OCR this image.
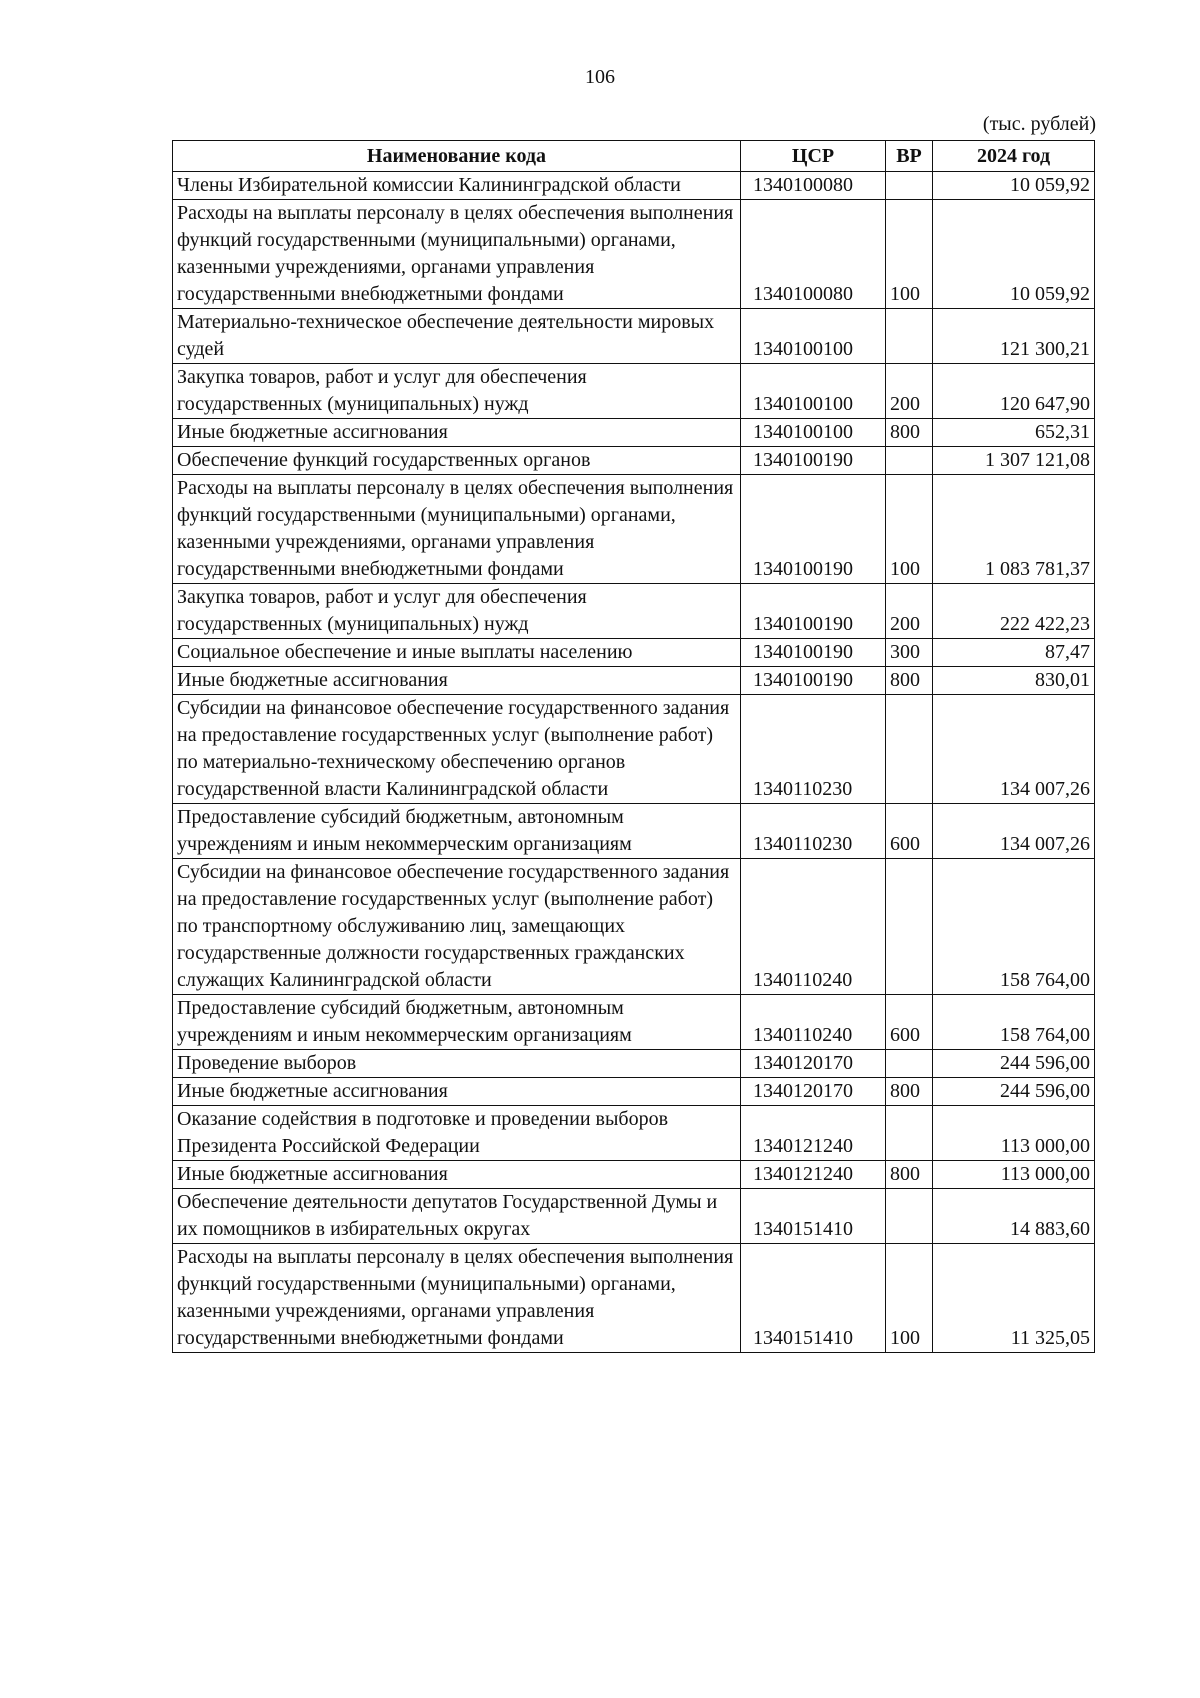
106
(тыс. рублей)
Наименование кода	ЦСР	ВР	2024 год
Члены Избирательной комиссии Калининградской области	1340100080		10 059,92
Расходы на выплаты персоналу в целях обеспечения выполнения функций государственными (муниципальными) органами, казенными учреждениями, органами управления государственными внебюджетными фондами	1340100080	100	10 059,92
Материально-техническое обеспечение деятельности мировых судей	1340100100		121 300,21
Закупка товаров, работ и услуг для обеспечения государственных (муниципальных) нужд	1340100100	200	120 647,90
Иные бюджетные ассигнования	1340100100	800	652,31
Обеспечение функций государственных органов	1340100190		1 307 121,08
Расходы на выплаты персоналу в целях обеспечения выполнения функций государственными (муниципальными) органами, казенными учреждениями, органами управления государственными внебюджетными фондами	1340100190	100	1 083 781,37
Закупка товаров, работ и услуг для обеспечения государственных (муниципальных) нужд	1340100190	200	222 422,23
Социальное обеспечение и иные выплаты населению	1340100190	300	87,47
Иные бюджетные ассигнования	1340100190	800	830,01
Субсидии на финансовое обеспечение государственного задания на предоставление государственных услуг (выполнение работ) по материально-техническому обеспечению органов государственной власти Калининградской области	1340110230		134 007,26
Предоставление субсидий бюджетным, автономным учреждениям и иным некоммерческим организациям	1340110230	600	134 007,26
Субсидии на финансовое обеспечение государственного задания на предоставление государственных услуг (выполнение работ) по транспортному обслуживанию лиц, замещающих государственные должности государственных гражданских служащих Калининградской области	1340110240		158 764,00
Предоставление субсидий бюджетным, автономным учреждениям и иным некоммерческим организациям	1340110240	600	158 764,00
Проведение выборов	1340120170		244 596,00
Иные бюджетные ассигнования	1340120170	800	244 596,00
Оказание содействия в подготовке и проведении выборов Президента Российской Федерации	1340121240		113 000,00
Иные бюджетные ассигнования	1340121240	800	113 000,00
Обеспечение деятельности депутатов Государственной Думы и их помощников в избирательных округах	1340151410		14 883,60
Расходы на выплаты персоналу в целях обеспечения выполнения функций государственными (муниципальными) органами, казенными учреждениями, органами управления государственными внебюджетными фондами	1340151410	100	11 325,05
